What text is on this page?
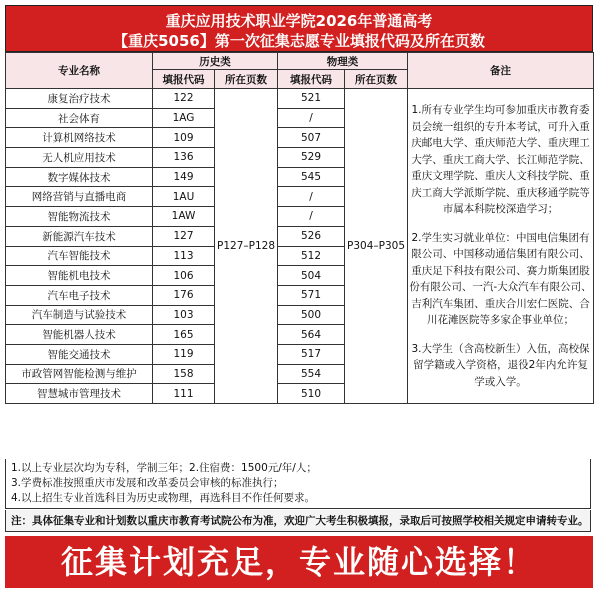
重庆应用技术职业学院2026年普通高考
【重庆5056】第一次征集志愿专业填报代码及所在页数
专业名称	历史类		物理类		备注
	填报代码	所在页数	填报代码	所在页数	
康复治疗技术	122	P127–P128	521	P304–P305	1.所有专业学生均可参加重庆市教育委员会统一组织的专升本考试，可升入重庆邮电大学、重庆师范大学、重庆理工大学、重庆工商大学、长江师范学院、重庆文理学院、重庆人文科技学院、重庆工商大学派斯学院、重庆移通学院等市属本科院校深造学习；

2.学生实习就业单位：中国电信集团有限公司、中国移动通信集团有限公司、重庆足下科技有限公司、赛力斯集团股份有限公司、一汽-大众汽车有限公司、吉利汽车集团、重庆合川宏仁医院、合川花滩医院等多家企事业单位；

3.大学生（含高校新生）入伍，高校保留学籍或入学资格，退役2年内允许复学或入学。

社会体育	1AG		/		
计算机网络技术	109		507		
无人机应用技术	136		529		
数字媒体技术	149		545		
网络营销与直播电商	1AU		/		
智能物流技术	1AW		/		
新能源汽车技术	127		526		
汽车智能技术	113		512		
智能机电技术	106		504		
汽车电子技术	176		571		
汽车制造与试验技术	103		500		
智能机器人技术	165		564		
智能交通技术	119		517		
市政管网智能检测与维护	158		554		
智慧城市管理技术	111		510		
1.以上专业层次均为专科，学制三年；2.住宿费：1500元/年/人；
3.学费标准按照重庆市发展和改革委员会审核的标准执行；
4.以上招生专业首选科目为历史或物理，再选科目不作任何要求。
注：具体征集专业和计划数以重庆市教育考试院公布为准，欢迎广大考生积极填报，录取后可按照学校相关规定申请转专业。
征集计划充足，专业随心选择！
